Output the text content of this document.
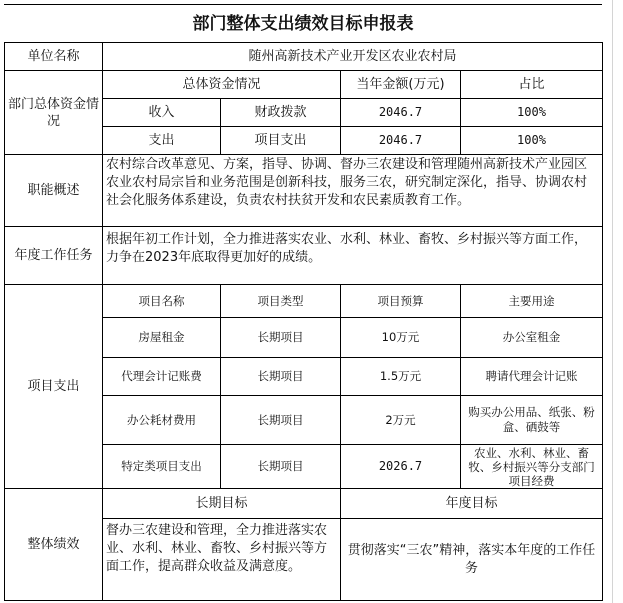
部门整体支出绩效目标申报表
单位名称	随州高新技术产业开发区农业农村局			
部门总体资金情况	总体资金情况		当年金额(万元)	占比
	收入	财政拨款	2046.7	100%
	支出	项目支出	2046.7	100%
职能概述	农村综合改革意见、方案，指导、协调、督办三农建设和管理随州高新技术产业园区农业农村局宗旨和业务范围是创新科技，服务三农，研究制定深化，指导、协调农村社会化服务体系建设，负责农村扶贫开发和农民素质教育工作。			
年度工作任务	根据年初工作计划，全力推进落实农业、水利、林业、畜牧、乡村振兴等方面工作，力争在2023年底取得更加好的成绩。			
项目支出	项目名称	项目类型	项目预算	主要用途
	房屋租金	长期项目	10万元	办公室租金
	代理会计记账费	长期项目	1.5万元	聘请代理会计记账
	办公耗材费用	长期项目	2万元	购买办公用品、纸张、粉盒、硒鼓等
	特定类项目支出	长期项目	2026.7	农业、水利、林业、畜牧、乡村振兴等分支部门项目经费
整体绩效	长期目标		年度目标	
	督办三农建设和管理，全力推进落实农业、水利、林业、畜牧、乡村振兴等方面工作，提高群众收益及满意度。		贯彻落实“三农”精神，落实本年度的工作任务	
